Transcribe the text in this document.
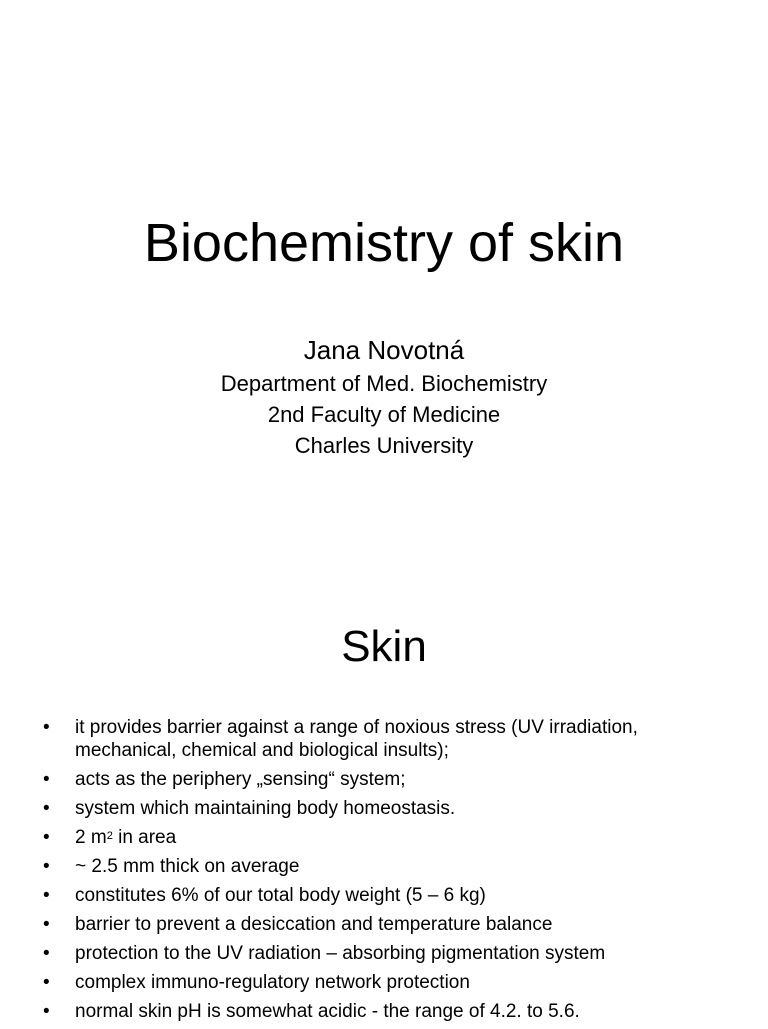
Biochemistry of skin

Jana Novotná

Department of Med. Biochemistry

2nd Faculty of Medicine

Charles University

Skin
• it provides barrier against a range of noxious stress (UV irradiation, mechanical, chemical and biological insults);
• acts as the periphery „sensing“ system;
• system which maintaining body homeostasis.
• 2 $m^2$ in area
• ~ 2.5 mm thick on average
• constitutes 6% of our total body weight (5 – 6 kg)
• barrier to prevent a desiccation and temperature balance
• protection to the UV radiation – absorbing pigmentation system
• complex immuno-regulatory network protection
• normal skin pH is somewhat acidic - the range of 4.2. to 5.6.
